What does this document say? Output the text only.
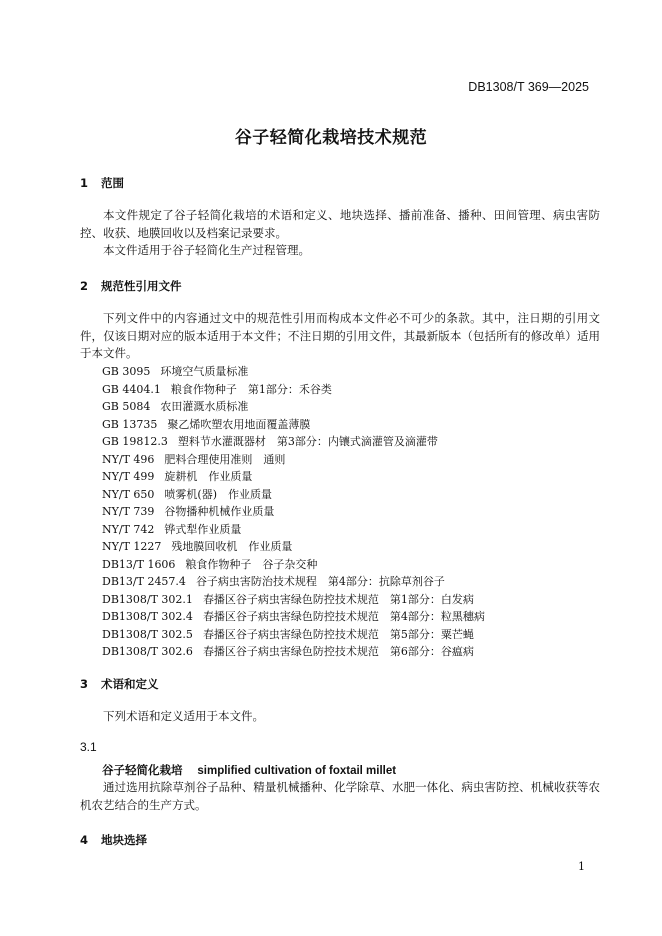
DB1308/T 369—2025
谷子轻简化栽培技术规范
1 范围
本文件规定了谷子轻简化栽培的术语和定义、地块选择、播前准备、播种、田间管理、病虫害防控、收获、地膜回收以及档案记录要求。
本文件适用于谷子轻简化生产过程管理。
2 规范性引用文件
下列文件中的内容通过文中的规范性引用而构成本文件必不可少的条款。其中，注日期的引用文件，仅该日期对应的版本适用于本文件；不注日期的引用文件，其最新版本（包括所有的修改单）适用于本文件。
GB 3095 环境空气质量标准
GB 4404.1 粮食作物种子　第1部分：禾谷类
GB 5084 农田灌溉水质标准
GB 13735 聚乙烯吹塑农用地面覆盖薄膜
GB 19812.3 塑料节水灌溉器材　第3部分：内镶式滴灌管及滴灌带
NY/T 496 肥料合理使用准则　通则
NY/T 499 旋耕机　作业质量
NY/T 650 喷雾机(器)　作业质量
NY/T 739 谷物播种机械作业质量
NY/T 742 铧式犁作业质量
NY/T 1227 残地膜回收机　作业质量
DB13/T 1606 粮食作物种子　谷子杂交种
DB13/T 2457.4 谷子病虫害防治技术规程　第4部分：抗除草剂谷子
DB1308/T 302.1 春播区谷子病虫害绿色防控技术规范　第1部分：白发病
DB1308/T 302.4 春播区谷子病虫害绿色防控技术规范　第4部分：粒黑穗病
DB1308/T 302.5 春播区谷子病虫害绿色防控技术规范　第5部分：粟芒蝇
DB1308/T 302.6 春播区谷子病虫害绿色防控技术规范　第6部分：谷瘟病
3 术语和定义
下列术语和定义适用于本文件。
3.1
谷子轻简化栽培 simplified cultivation of foxtail millet
通过选用抗除草剂谷子品种、精量机械播种、化学除草、水肥一体化、病虫害防控、机械收获等农机农艺结合的生产方式。
4 地块选择
1
